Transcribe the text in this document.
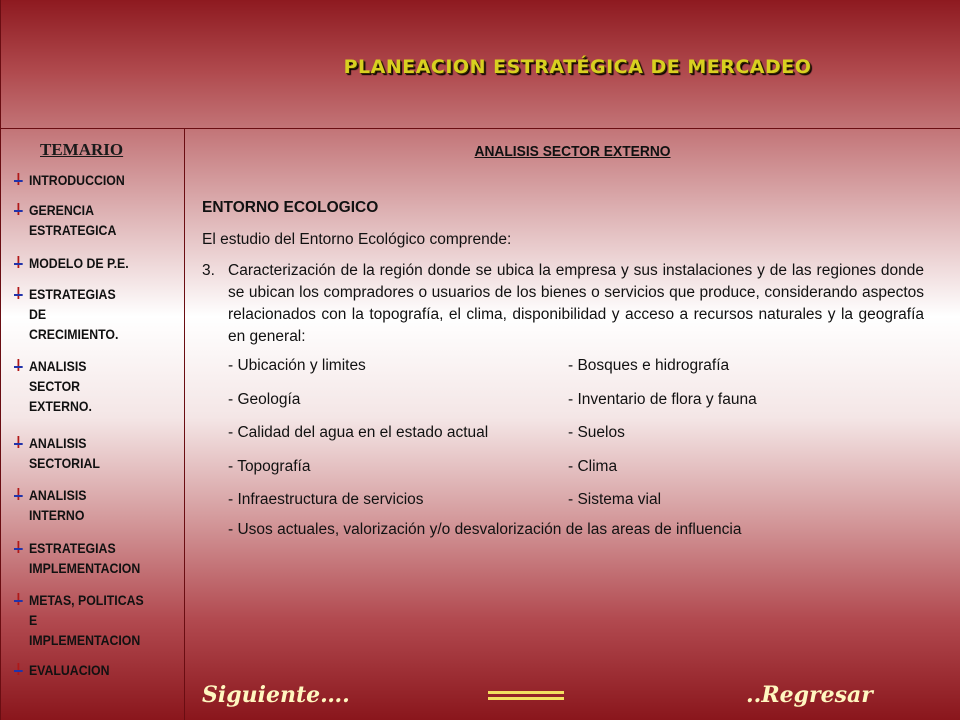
PLANEACION ESTRATÉGICA DE MERCADEO
TEMARIO
INTRODUCCION
GERENCIA
ESTRATEGICA
MODELO DE P.E.
ESTRATEGIAS
DE
CRECIMIENTO.
ANALISIS
SECTOR
EXTERNO.
ANALISIS
SECTORIAL
ANALISIS
INTERNO
ESTRATEGIAS
IMPLEMENTACION
METAS, POLITICAS
E
IMPLEMENTACION
EVALUACION
ANALISIS SECTOR EXTERNO
ENTORNO ECOLOGICO
El estudio del Entorno Ecológico comprende:
3. Caracterización de la región donde se ubica la empresa y sus instalaciones y de las regiones donde se ubican los compradores o usuarios de los bienes o servicios que produce, considerando aspectos relacionados con la topografía, el clima, disponibilidad y acceso a recursos naturales y la geografía en general:
- Ubicación y limites	- Bosques e hidrografía
- Geología	- Inventario de flora y fauna
- Calidad del agua en el estado actual	- Suelos
- Topografía	- Clima
- Infraestructura de servicios	- Sistema vial
- Usos actuales, valorización y/o desvalorización de las areas de influencia
Siguiente….	..Regresar
